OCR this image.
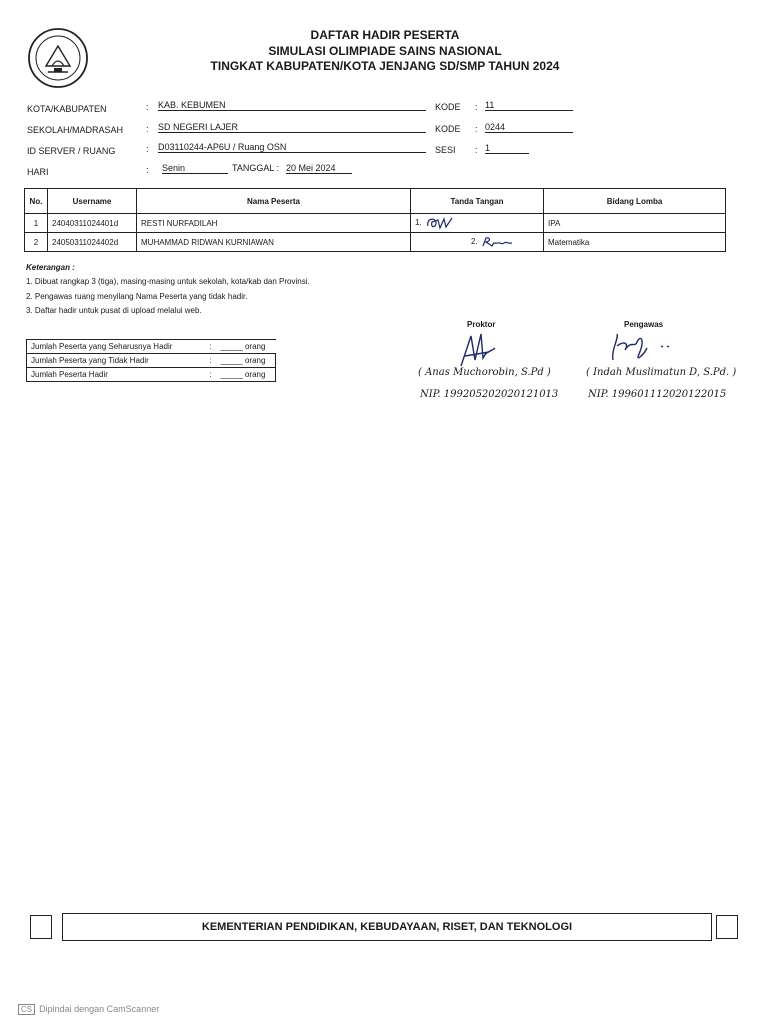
DAFTAR HADIR PESERTA
SIMULASI OLIMPIADE SAINS NASIONAL
TINGKAT KABUPATEN/KOTA JENJANG SD/SMP TAHUN 2024
KOTA/KABUPATEN	: KAB. KEBUMEN
SEKOLAH/MADRASAH	: SD NEGERI LAJER
ID SERVER / RUANG	: D03110244-AP6U / Ruang OSN
HARI	: Senin	TANGGAL : 20 Mei 2024
KODE : 11
KODE : 0244
SESI : 1
No.	Username	Nama Peserta	Tanda Tangan	Bidang Lomba
1	24040311024401d	RESTI NURFADILAH	1.	IPA
2	24050311024402d	MUHAMMAD RIDWAN KURNIAWAN	2.	Matematika
Keterangan :
1. Dibuat rangkap 3 (tiga), masing-masing untuk sekolah, kota/kab dan Provinsi.
2. Pengawas ruang menyilang Nama Peserta yang tidak hadir.
3. Daftar hadir untuk pusat di upload melalui web.
Jumlah Peserta yang Seharusnya Hadir	: _____ orang

Jumlah Peserta yang Tidak Hadir	: _____ orang

Jumlah Peserta Hadir	: _____ orang
Proktor
( Anas Muchorobin, S.Pd )
NIP. 199205202020121013
Pengawas
( Indah Muslimatun D, S.Pd. )
NIP. 199601112020122015
KEMENTERIAN PENDIDIKAN, KEBUDAYAAN, RISET, DAN TEKNOLOGI
CS Dipindai dengan CamScanner
